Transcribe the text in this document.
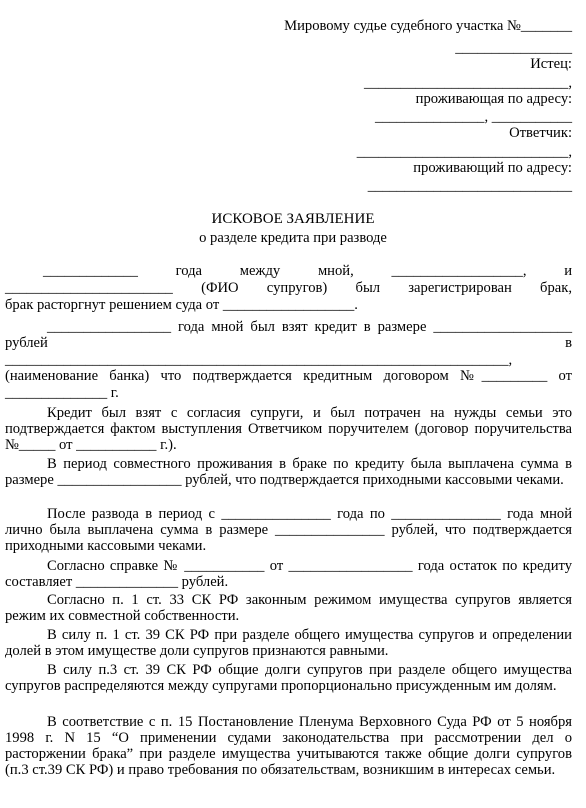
Мировому судье судебного участка №_______
________________
Истец:
____________________________,
проживающая по адресу:
_______________, ___________
Ответчик:
_____________________________,
проживающий по адресу:
____________________________
ИСКОВОЕ ЗАЯВЛЕНИЕ
о разделе кредита при разводе
_____________ года между мной, __________________, и
_______________________ (ФИО супругов) был зарегистрирован брак,
брак расторгнут решением суда от __________________.
_________________ года мной был взят кредит в размере ___________________
рублей в
_____________________________________________________________________,
(наименование банка) что подтверждается кредитным договором №_________ от
______________ г.
Кредит был взят с согласия супруги, и был потрачен на нужды семьи это подтверждается фактом выступления Ответчиком поручителем (договор поручительства №_____ от ___________ г.).
В период совместного проживания в браке по кредиту была выплачена сумма в размере _________________ рублей, что подтверждается приходными кассовыми чеками.
После развода в период с _______________ года по _______________ года мной лично была выплачена сумма в размере _______________ рублей, что подтверждается приходными кассовыми чеками.
Согласно справке № ___________ от _________________ года остаток по кредиту составляет ______________ рублей.
Согласно п. 1 ст. 33 СК РФ законным режимом имущества супругов является режим их совместной собственности.
В силу п. 1 ст. 39 СК РФ при разделе общего имущества супругов и определении долей в этом имуществе доли супругов признаются равными.
В силу п.3 ст. 39 СК РФ общие долги супругов при разделе общего имущества супругов распределяются между супругами пропорционально присужденным им долям.
В соответствие с п. 15 Постановление Пленума Верховного Суда РФ от 5 ноября 1998 г. N 15 “О применении судами законодательства при рассмотрении дел о расторжении брака” при разделе имущества учитываются также общие долги супругов (п.3 ст.39 СК РФ) и право требования по обязательствам, возникшим в интересах семьи.
